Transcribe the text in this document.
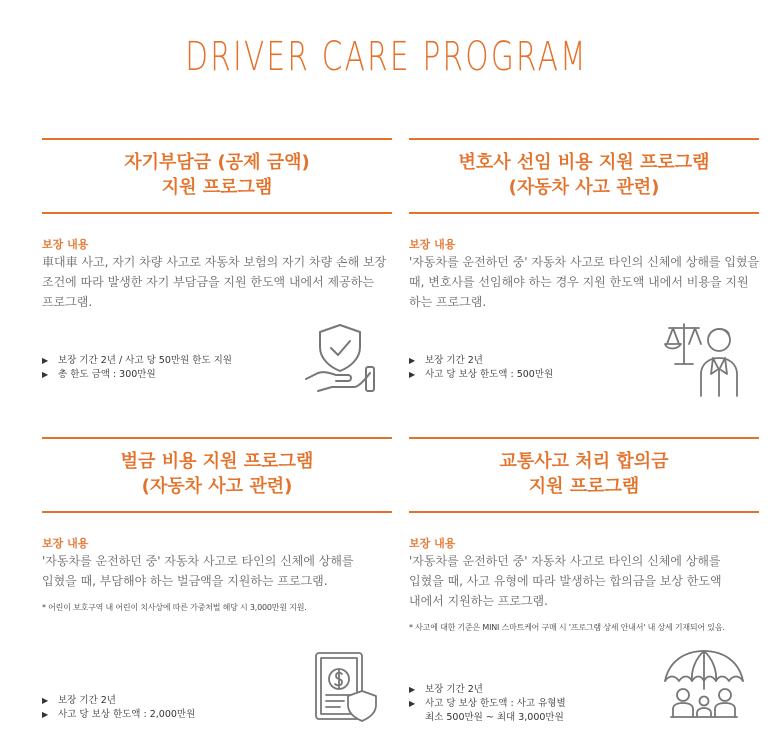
DRIVER CARE PROGRAM
자기부담금 (공제 금액)
지원 프로그램
보장 내용

車대車 사고, 자기 차량 사고로 자동차 보험의 자기 차량 손해 보장
조건에 따라 발생한 자기 부담금을 지원 한도액 내에서 제공하는
프로그램.

▶ 보장 기간 2년 / 사고 당 50만원 한도 지원
▶ 총 한도 금액 : 300만원
변호사 선임 비용 지원 프로그램
(자동차 사고 관련)
보장 내용

'자동차를 운전하던 중' 자동차 사고로 타인의 신체에 상해를 입혔을
때, 변호사를 선임해야 하는 경우 지원 한도액 내에서 비용을 지원
하는 프로그램.

▶ 보장 기간 2년
▶ 사고 당 보상 한도액 : 500만원
벌금 비용 지원 프로그램
(자동차 사고 관련)
보장 내용

'자동차를 운전하던 중' 자동차 사고로 타인의 신체에 상해를
입혔을 때, 부담해야 하는 벌금액을 지원하는 프로그램.

* 어린이 보호구역 내 어린이 치사상에 따른 가중처벌 해당 시 3,000만원 지원.
▶ 보장 기간 2년
▶ 사고 당 보상 한도액 : 2,000만원
교통사고 처리 합의금
지원 프로그램
보장 내용

'자동차를 운전하던 중' 자동차 사고로 타인의 신체에 상해를
입혔을 때, 사고 유형에 따라 발생하는 합의금을 보상 한도액
내에서 지원하는 프로그램.

* 사고에 대한 기준은 MINI 스마트케어 구매 시 '프로그램 상세 안내서' 내 상세 기재되어 있음.
▶ 보장 기간 2년
▶ 사고 당 보상 한도액 : 사고 유형별
최소 500만원 ~ 최대 3,000만원
